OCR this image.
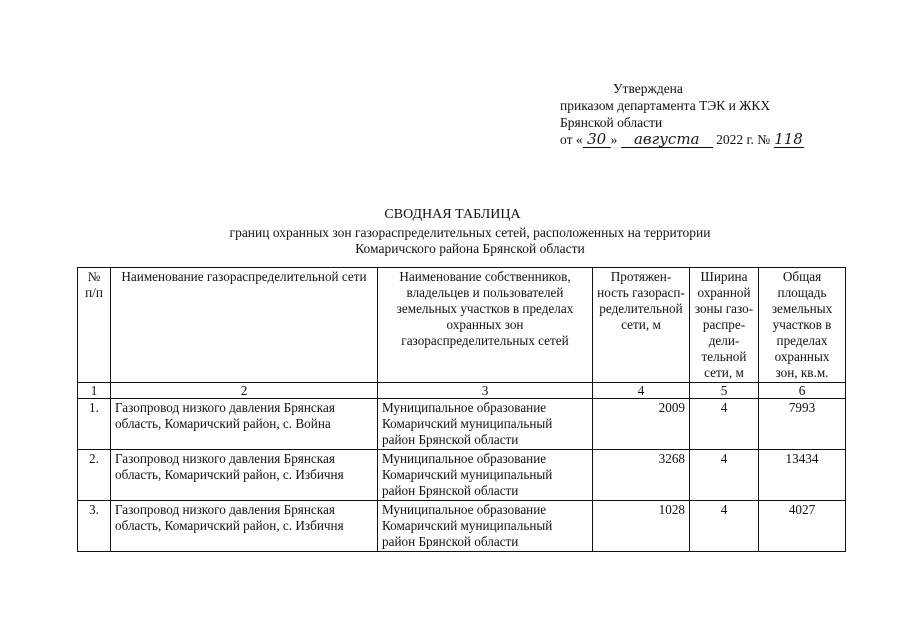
Утверждена
приказом департамента ТЭК и ЖКХ
Брянской области
от « 30 » августа 2022 г. № 118
СВОДНАЯ ТАБЛИЦА
границ охранных зон газораспределительных сетей, расположенных на территории Комаричского района Брянской области
№ п/п	Наименование газораспределительной сети	Наименование собственников, владельцев и пользователей земельных участков в пределах охранных зон газораспределительных сетей	Протяжен-ность газорасп-ределительной сети, м	Ширина охранной зоны газо-распре-дели-тельной сети, м	Общая площадь земельных участков в пределах охранных зон, кв.м.
1	2	3	4	5	6
1.	Газопровод низкого давления Брянская область, Комаричский район, с. Война	Муниципальное образование Комаричский муниципальный район Брянской области	2009	4	7993
2.	Газопровод низкого давления Брянская область, Комаричский район, с. Избичня	Муниципальное образование Комаричский муниципальный район Брянской области	3268	4	13434
3.	Газопровод низкого давления Брянская область, Комаричский район, с. Избичня	Муниципальное образование Комаричский муниципальный район Брянской области	1028	4	4027
